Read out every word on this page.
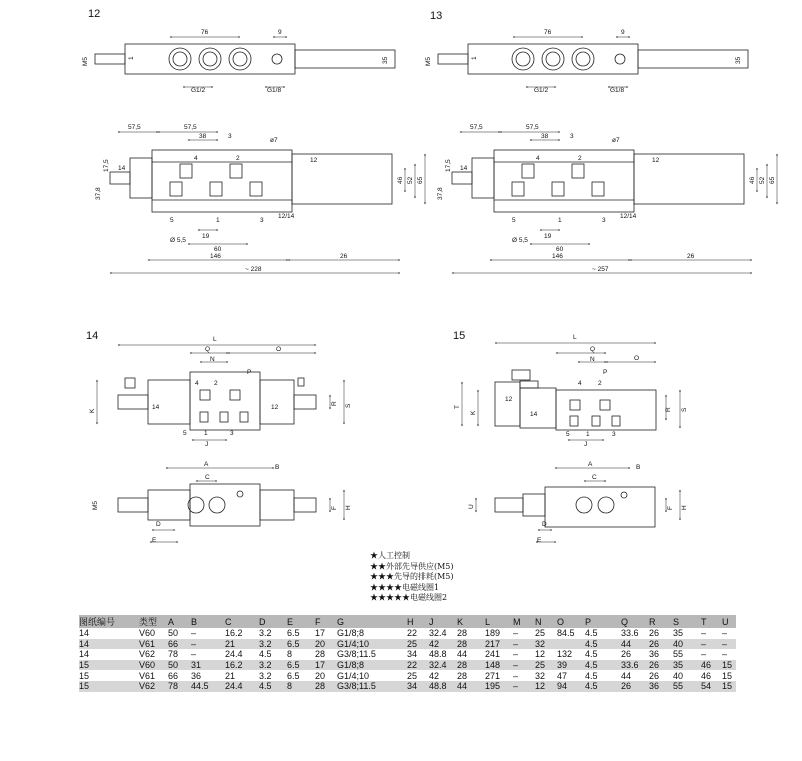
12	13
14	15
76	9
M5	35
1
G1/2	G1/8
57,5	57,5
38	3
ø7
4	2	12
14
17,5
37,8
46 52 65
5	1	3
12/14
19
Ø 5,5
60
146	26
~ 228
76	9
M5	35
1
G1/2	G1/8
57,5	57,5
38	3
ø7
4	2	12
14
17,5
37,8
46 52 65
5	1	3
12/14
19
Ø 5,5
60
146	26
~ 257
L
Q
N
O
P
4 2
14	12
K
R S
5	1	3
J
A
C
B
M5	F H
D
E
L
Q
N	O
P
4	2
12
14
T
K
R S
5	1	3
J
A
C
B
U	F H
D
E
★人工控制
★★外部先导供应(M5)
★★★先导的排耗(M5)
★★★★电磁线圈1
★★★★★电磁线圈2
图纸编号	类型	A	B	C	D	E	F	G	H	J	K	L	M	N	O	P	Q	R	S	T	U
14	V60	50	–	16.2	3.2	6.5	17	G1/8;8	22	32.4	28	189	–	25	84.5	4.5	33.6	26	35	–	–
14	V61	66	–	21	3.2	6.5	20	G1/4;10	25	42	28	217	–	32		4.5	44	26	40	–	–
14	V62	78	–	24.4	4.5	8	28	G3/8;11.5	34	48.8	44	241	–	12	132	4.5	26	36	55	–	–
15	V60	50	31	16.2	3.2	6.5	17	G1/8;8	22	32.4	28	148	–	25	39	4.5	33.6	26	35	46	15
15	V61	66	36	21	3.2	6.5	20	G1/4;10	25	42	28	271	–	32	47	4.5	44	26	40	46	15
15	V62	78	44.5	24.4	4.5	8	28	G3/8;11.5	34	48.8	44	195	–	12	94	4.5	26	36	55	54	15
